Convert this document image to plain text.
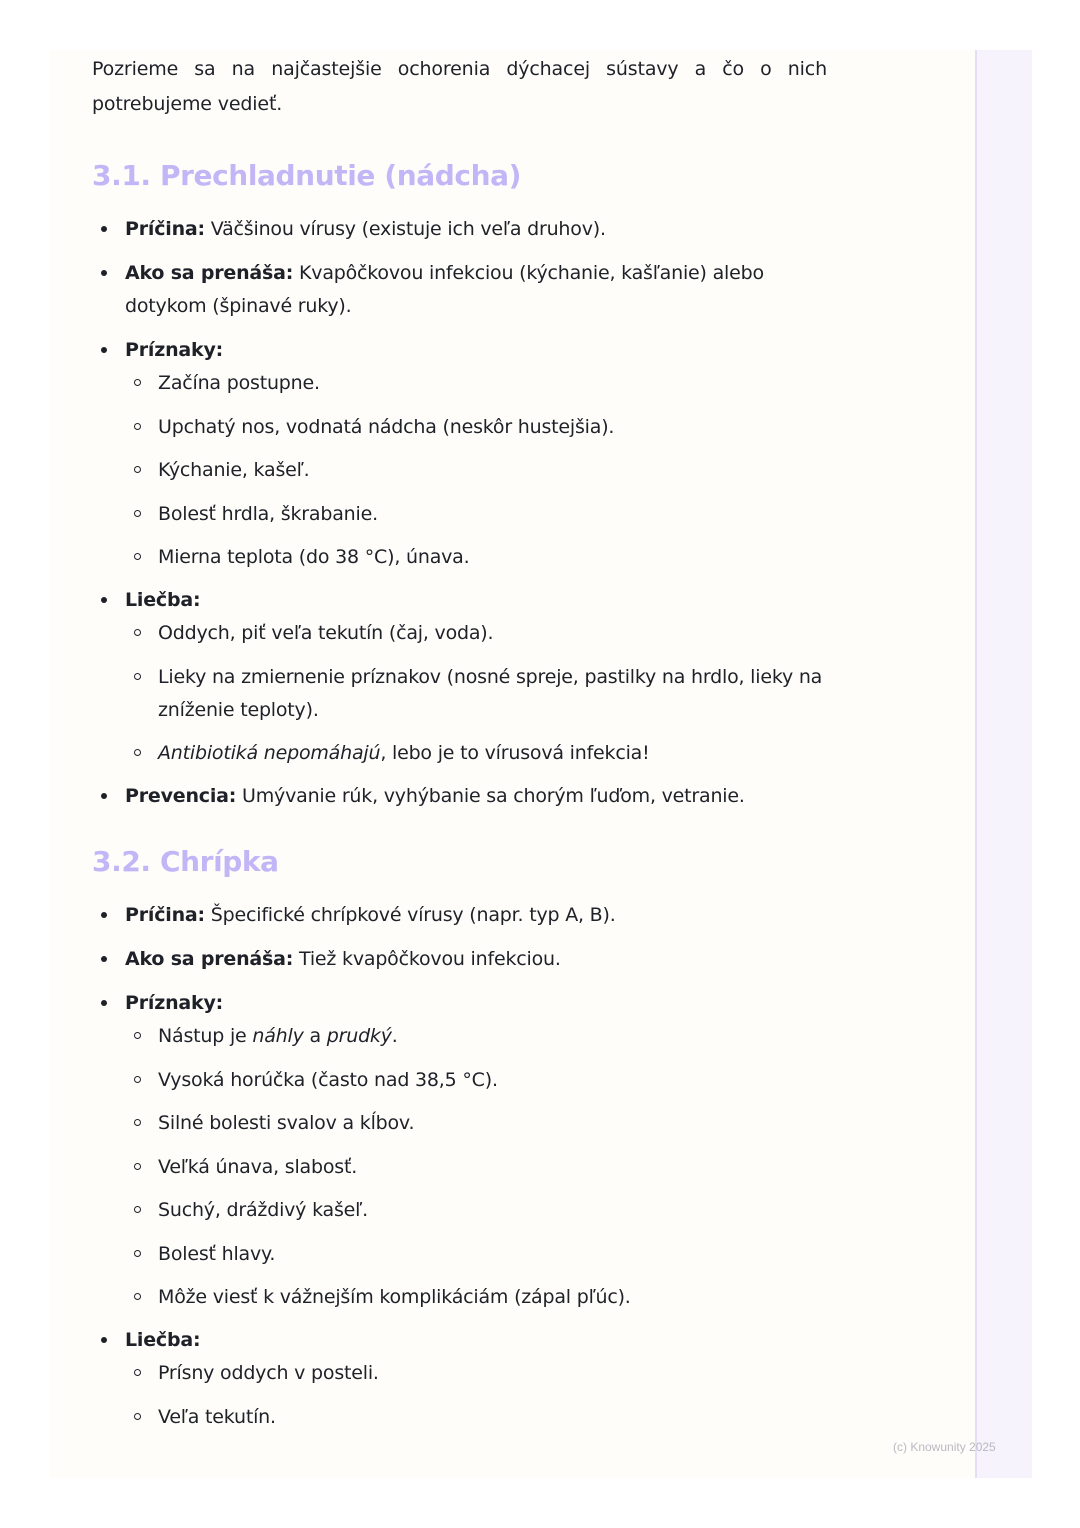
Pozrieme sa na najčastejšie ochorenia dýchacej sústavy a čo o nich potrebujeme vedieť.

3.1. Prechladnutie (nádcha)
Príčina: Väčšinou vírusy (existuje ich veľa druhov).
Ako sa prenáša: Kvapôčkovou infekciou (kýchanie, kašľanie) alebo dotykom (špinavé ruky).
Príznaky:
Začína postupne.
Upchatý nos, vodnatá nádcha (neskôr hustejšia).
Kýchanie, kašeľ.
Bolesť hrdla, škrabanie.
Mierna teplota (do 38 °C), únava.
Liečba:
Oddych, piť veľa tekutín (čaj, voda).
Lieky na zmiernenie príznakov (nosné spreje, pastilky na hrdlo, lieky na zníženie teploty).
Antibiotiká nepomáhajú, lebo je to vírusová infekcia!
Prevencia: Umývanie rúk, vyhýbanie sa chorým ľuďom, vetranie.
3.2. Chrípka
Príčina: Špecifické chrípkové vírusy (napr. typ A, B).
Ako sa prenáša: Tiež kvapôčkovou infekciou.
Príznaky:
Nástup je náhly a prudký.
Vysoká horúčka (často nad 38,5 °C).
Silné bolesti svalov a kĺbov.
Veľká únava, slabosť.
Suchý, dráždivý kašeľ.
Bolesť hlavy.
Môže viesť k vážnejším komplikáciám (zápal pľúc).
Liečba:
Prísny oddych v posteli.
Veľa tekutín.
(c) Knowunity 2025
